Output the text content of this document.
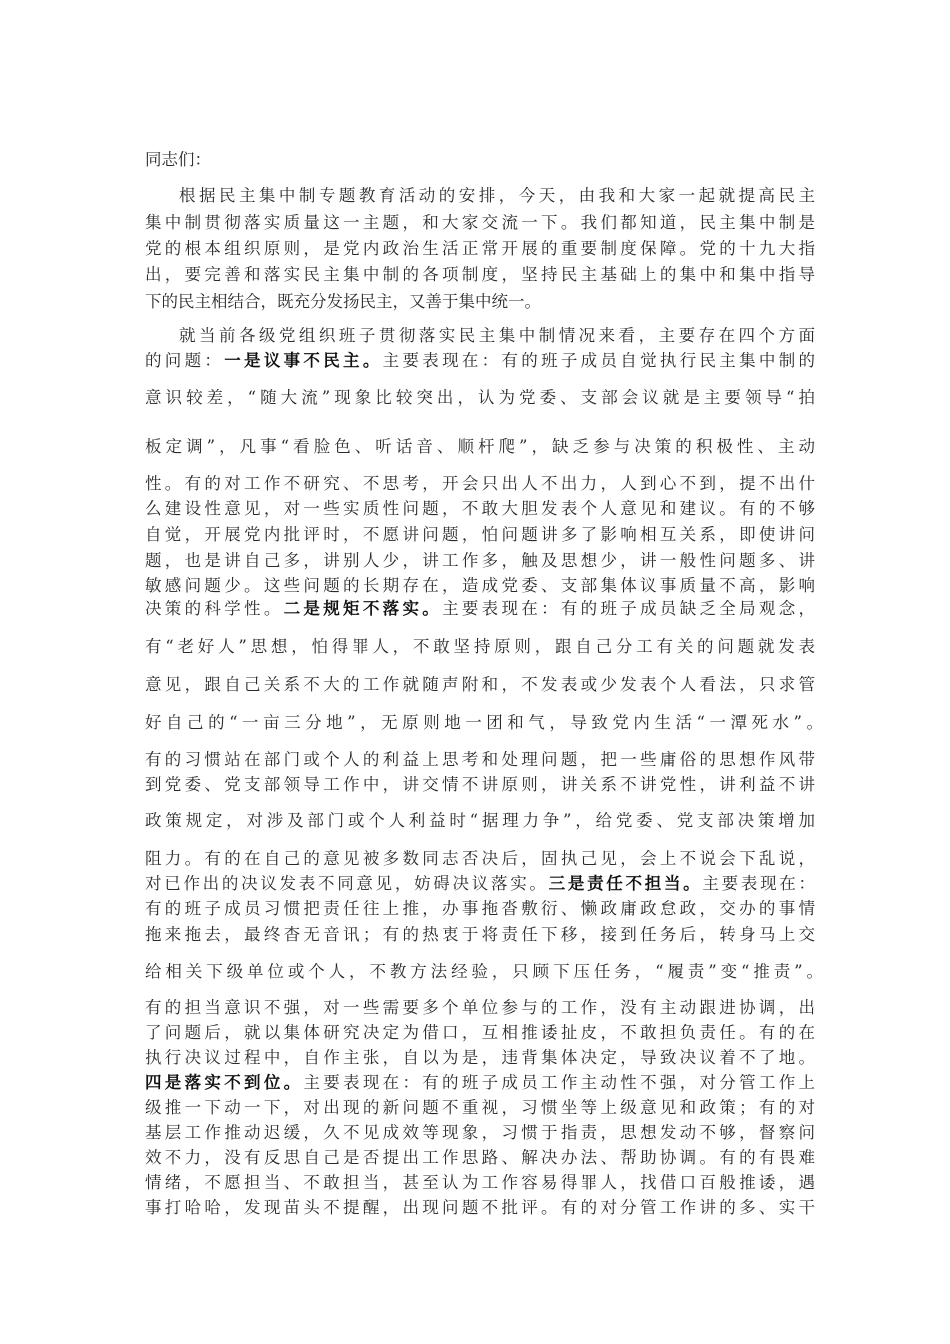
同志们：
根据民主集中制专题教育活动的安排，今天，由我和大家一起就提高民主
集中制贯彻落实质量这一主题，和大家交流一下。我们都知道，民主集中制是
党的根本组织原则，是党内政治生活正常开展的重要制度保障。党的十九大指
出，要完善和落实民主集中制的各项制度，坚持民主基础上的集中和集中指导
下的民主相结合，既充分发扬民主，又善于集中统一。
就当前各级党组织班子贯彻落实民主集中制情况来看，主要存在四个方面
的问题：一是议事不民主。主要表现在：有的班子成员自觉执行民主集中制的
意识较差，“随大流”现象比较突出，认为党委、支部会议就是主要领导“拍
板定调”，凡事“看脸色、听话音、顺杆爬”，缺乏参与决策的积极性、主动
性。有的对工作不研究、不思考，开会只出人不出力，人到心不到，提不出什
么建设性意见，对一些实质性问题，不敢大胆发表个人意见和建议。有的不够
自觉，开展党内批评时，不愿讲问题，怕问题讲多了影响相互关系，即使讲问
题，也是讲自己多，讲别人少，讲工作多，触及思想少，讲一般性问题多、讲
敏感问题少。这些问题的长期存在，造成党委、支部集体议事质量不高，影响
决策的科学性。二是规矩不落实。主要表现在：有的班子成员缺乏全局观念，
有“老好人”思想，怕得罪人，不敢坚持原则，跟自己分工有关的问题就发表
意见，跟自己关系不大的工作就随声附和，不发表或少发表个人看法，只求管
好自己的“一亩三分地”，无原则地一团和气，导致党内生活“一潭死水”。
有的习惯站在部门或个人的利益上思考和处理问题，把一些庸俗的思想作风带
到党委、党支部领导工作中，讲交情不讲原则，讲关系不讲党性，讲利益不讲
政策规定，对涉及部门或个人利益时“据理力争”，给党委、党支部决策增加
阻力。有的在自己的意见被多数同志否决后，固执己见，会上不说会下乱说，
对已作出的决议发表不同意见，妨碍决议落实。三是责任不担当。主要表现在：
有的班子成员习惯把责任往上推，办事拖沓敷衍、懒政庸政怠政，交办的事情
拖来拖去，最终杳无音讯；有的热衷于将责任下移，接到任务后，转身马上交
给相关下级单位或个人，不教方法经验，只顾下压任务，“履责”变“推责”。
有的担当意识不强，对一些需要多个单位参与的工作，没有主动跟进协调，出
了问题后，就以集体研究决定为借口，互相推诿扯皮，不敢担负责任。有的在
执行决议过程中，自作主张，自以为是，违背集体决定，导致决议着不了地。
四是落实不到位。主要表现在：有的班子成员工作主动性不强，对分管工作上
级推一下动一下，对出现的新问题不重视，习惯坐等上级意见和政策；有的对
基层工作推动迟缓，久不见成效等现象，习惯于指责，思想发动不够，督察问
效不力，没有反思自己是否提出工作思路、解决办法、帮助协调。有的有畏难
情绪，不愿担当、不敢担当，甚至认为工作容易得罪人，找借口百般推诿，遇
事打哈哈，发现苗头不提醒，出现问题不批评。有的对分管工作讲的多、实干
